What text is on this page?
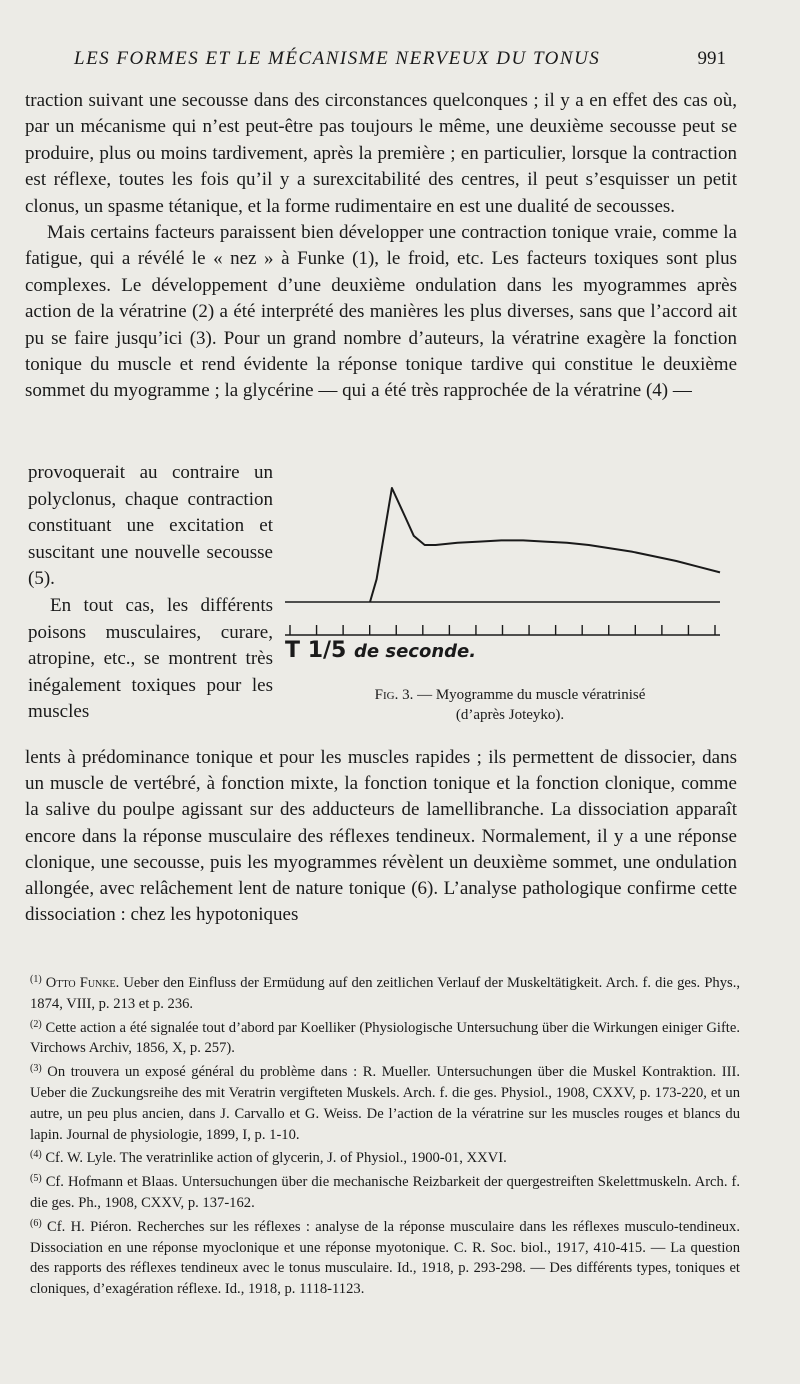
LES FORMES ET LE MÉCANISME NERVEUX DU TONUS	991

traction suivant une secousse dans des circonstances quelconques ; il y a en effet des cas où, par un mécanisme qui n’est peut-être pas toujours le même, une deuxième secousse peut se produire, plus ou moins tardivement, après la première ; en particulier, lorsque la contraction est réflexe, toutes les fois qu’il y a surexcitabilité des centres, il peut s’esquisser un petit clonus, un spasme tétanique, et la forme rudimentaire en est une dualité de secousses.

Mais certains facteurs paraissent bien développer une contraction tonique vraie, comme la fatigue, qui a révélé le « nez » à Funke (1), le froid, etc. Les facteurs toxiques sont plus complexes. Le développement d’une deuxième ondulation dans les myogrammes après action de la vératrine (2) a été interprété des manières les plus diverses, sans que l’accord ait pu se faire jusqu’ici (3). Pour un grand nombre d’auteurs, la vératrine exagère la fonction tonique du muscle et rend évidente la réponse tonique tardive qui constitue le deuxième sommet du myogramme ; la glycérine — qui a été très rapprochée de la vératrine (4) —

provoquerait au contraire un polyclonus, chaque contraction constituant une excitation et suscitant une nouvelle secousse (5).

En tout cas, les différents poisons musculaires, curare, atropine, etc., se montrent très inégalement toxiques pour les muscles

T 1/5 de seconde.
Fig. 3. — Myogramme du muscle vératrinisé
(d’après Joteyko).

lents à prédominance tonique et pour les muscles rapides ; ils permettent de dissocier, dans un muscle de vertébré, à fonction mixte, la fonction tonique et la fonction clonique, comme la salive du poulpe agissant sur des adducteurs de lamellibranche. La dissociation apparaît encore dans la réponse musculaire des réflexes tendineux. Normalement, il y a une réponse clonique, une secousse, puis les myogrammes révèlent un deuxième sommet, une ondulation allongée, avec relâchement lent de nature tonique (6). L’analyse pathologique confirme cette dissociation : chez les hypotoniques

$^{(1)}$ Otto Funke. Ueber den Einfluss der Ermüdung auf den zeitlichen Verlauf der Muskeltätigkeit. Arch. f. die ges. Phys., 1874, VIII, p. 213 et p. 236.

$^{(2)}$ Cette action a été signalée tout d’abord par Koelliker (Physiologische Untersuchung über die Wirkungen einiger Gifte. Virchows Archiv, 1856, X, p. 257).

$^{(3)}$ On trouvera un exposé général du problème dans : R. Mueller. Untersuchungen über die Muskel Kontraktion. III. Ueber die Zuckungsreihe des mit Veratrin vergifteten Muskels. Arch. f. die ges. Physiol., 1908, CXXV, p. 173-220, et un autre, un peu plus ancien, dans J. Carvallo et G. Weiss. De l’action de la vératrine sur les muscles rouges et blancs du lapin. Journal de physiologie, 1899, I, p. 1-10.

$^{(4)}$ Cf. W. Lyle. The veratrinlike action of glycerin, J. of Physiol., 1900-01, XXVI.

$^{(5)}$ Cf. Hofmann et Blaas. Untersuchungen über die mechanische Reizbarkeit der quergestreiften Skelettmuskeln. Arch. f. die ges. Ph., 1908, CXXV, p. 137-162.

$^{(6)}$ Cf. H. Piéron. Recherches sur les réflexes : analyse de la réponse musculaire dans les réflexes musculo-tendineux. Dissociation en une réponse myoclonique et une réponse myotonique. C. R. Soc. biol., 1917, 410-415. — La question des rapports des réflexes tendineux avec le tonus musculaire. Id., 1918, p. 293-298. — Des différents types, toniques et cloniques, d’exagération réflexe. Id., 1918, p. 1118-1123.
